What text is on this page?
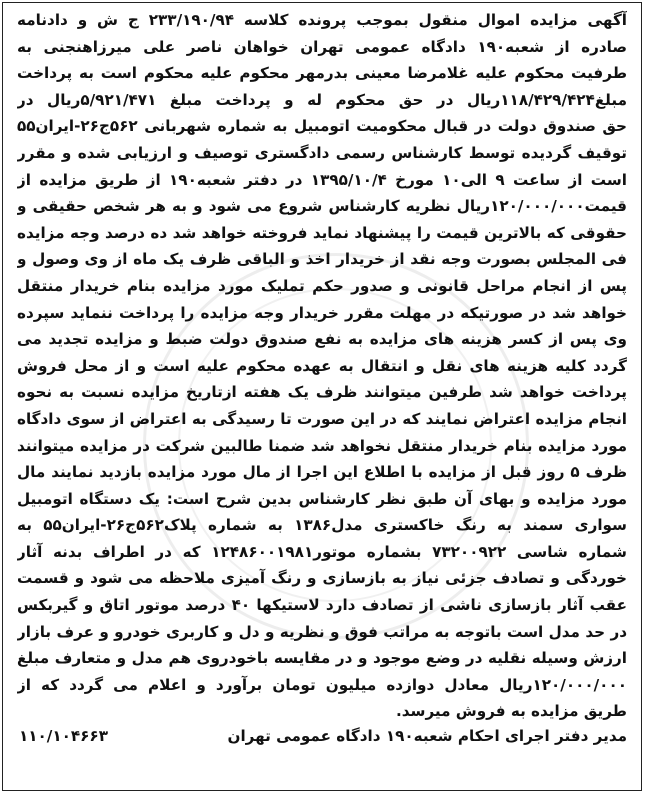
آگهی مزایده اموال منقول بموجب پرونده کلاسه ۲۳۳/۱۹۰/۹۴ ج ش و دادنامه
صادره از شعبه۱۹۰ دادگاه عمومی تهران خواهان ناصر علی میرزاهنجنی به
طرفیت محکوم علیه غلامرضا معینی بدرمهر محکوم علیه محکوم است به پرداخت
مبلغ۱۱۸/۴۲۹/۴۲۴ریال در حق محکوم له و پرداخت مبلغ ۵/۹۲۱/۴۷۱ریال در
حق صندوق دولت در قبال محکومیت اتومبیل به شماره شهربانی ۵۶۲ج۲۶-ایران۵۵
توقیف گردیده توسط کارشناس رسمی دادگستری توصیف و ارزیابی شده و مقرر
است از ساعت ۹ الی۱۰ مورخ ۱۳۹۵/۱۰/۴ در دفتر شعبه۱۹۰ از طریق مزایده از
قیمت۱۲۰/۰۰۰/۰۰۰ریال نظریه کارشناس شروع می شود و به هر شخص حقیقی و
حقوقی که بالاترین قیمت را پیشنهاد نماید فروخته خواهد شد ده درصد وجه مزایده
فی المجلس بصورت وجه نقد از خریدار اخذ و الباقی ظرف یک ماه از وی وصول و
پس از انجام مراحل قانونی و صدور حکم تملیک مورد مزایده بنام خریدار منتقل
خواهد شد در صورتیکه در مهلت مقرر خریدار وجه مزایده را پرداخت ننماید سپرده
وی پس از کسر هزینه های مزایده به نفع صندوق دولت ضبط و مزایده تجدید می
گردد کلیه هزینه های نقل و انتقال به عهده محکوم علیه است و از محل فروش
پرداخت خواهد شد طرفین میتوانند ظرف یک هفته ازتاریخ مزایده نسبت به نحوه
انجام مزایده اعتراض نمایند که در این صورت تا رسیدگی به اعتراض از سوی دادگاه
مورد مزایده بنام خریدار منتقل نخواهد شد ضمنا طالبین شرکت در مزایده میتوانند
ظرف ۵ روز قبل از مزایده با اطلاع این اجرا از مال مورد مزایده بازدید نمایند مال
مورد مزایده و بهای آن طبق نظر کارشناس بدین شرح است: یک دستگاه اتومبیل
سواری سمند به رنگ خاکستری مدل۱۳۸۶ به شماره پلاک۵۶۲ج۲۶-ایران۵۵ به
شماره شاسی ۷۳۲۰۰۹۲۲ بشماره موتور۱۲۴۸۶۰۰۱۹۸۱ که در اطراف بدنه آثار
خوردگی و تصادف جزئی نیاز به بازسازی و رنگ آمیزی ملاحظه می شود و قسمت
عقب آثار بازسازی ناشی از تصادف دارد لاستیکها ۴۰ درصد موتور اتاق و گیربکس
در حد مدل است باتوجه به مراتب فوق و نظریه و دل و کاربری خودرو و عرف بازار
ارزش وسیله نقلیه در وضع موجود و در مقایسه باخودروی هم مدل و متعارف مبلغ
۱۲۰/۰۰۰/۰۰۰ریال معادل دوازده میلیون تومان برآورد و اعلام می گردد که از
طریق مزایده به فروش میرسد.
مدیر دفتر اجرای احکام شعبه۱۹۰ دادگاه عمومی تهران
۱۱۰/۱۰۴۶۶۳
